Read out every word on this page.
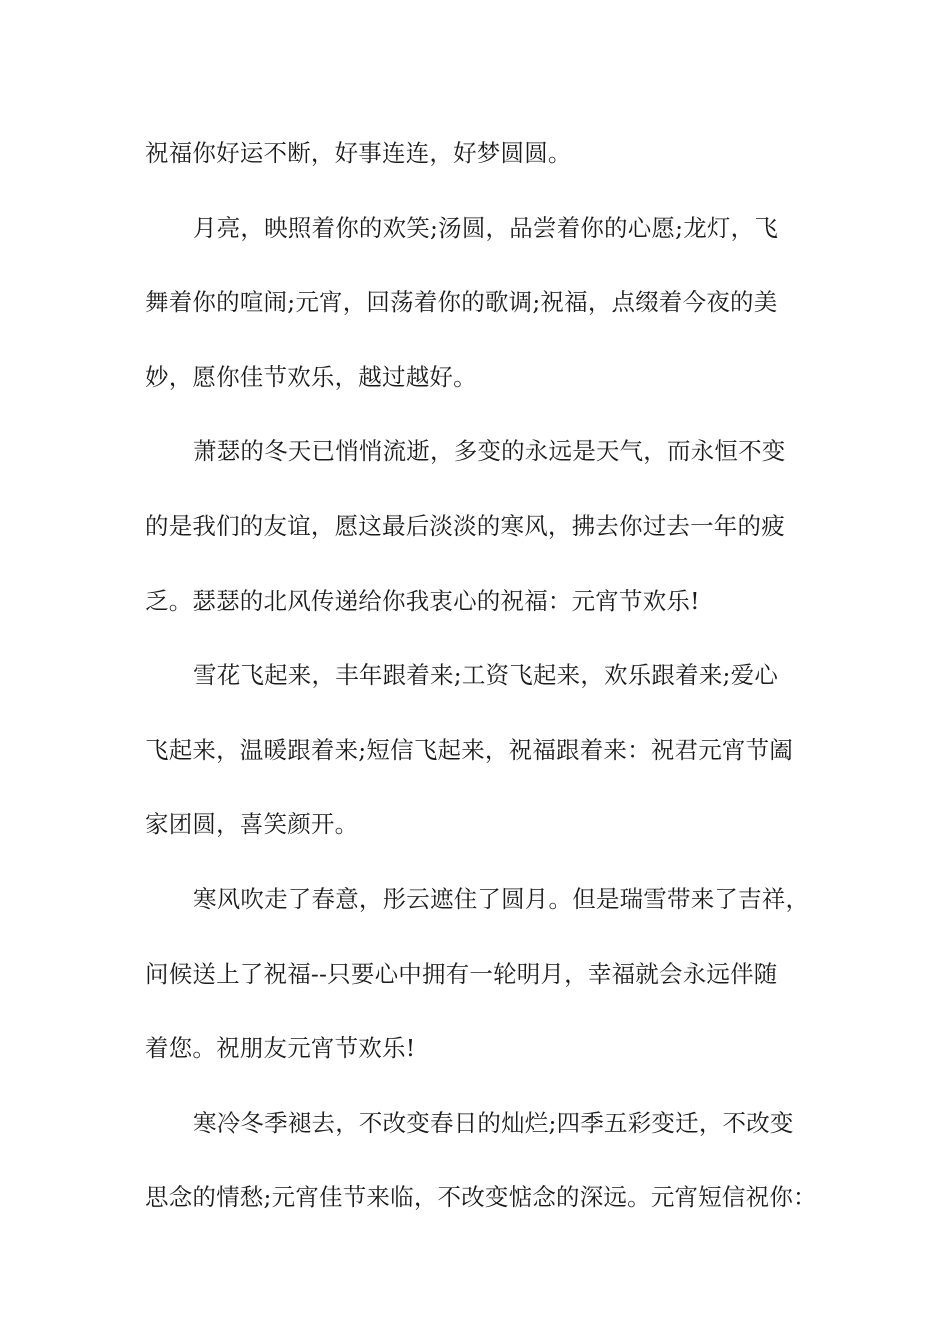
祝福你好运不断，好事连连，好梦圆圆。
月亮，映照着你的欢笑;汤圆，品尝着你的心愿;龙灯，飞
舞着你的喧闹;元宵，回荡着你的歌调;祝福，点缀着今夜的美
妙，愿你佳节欢乐，越过越好。
萧瑟的冬天已悄悄流逝，多变的永远是天气，而永恒不变
的是我们的友谊，愿这最后淡淡的寒风，拂去你过去一年的疲
乏。瑟瑟的北风传递给你我衷心的祝福：元宵节欢乐!
雪花飞起来，丰年跟着来;工资飞起来，欢乐跟着来;爱心
飞起来，温暖跟着来;短信飞起来，祝福跟着来：祝君元宵节阖
家团圆，喜笑颜开。
寒风吹走了春意，彤云遮住了圆月。但是瑞雪带来了吉祥，
问候送上了祝福--只要心中拥有一轮明月，幸福就会永远伴随
着您。祝朋友元宵节欢乐!
寒冷冬季褪去，不改变春日的灿烂;四季五彩变迁，不改变
思念的情愁;元宵佳节来临，不改变惦念的深远。元宵短信祝你：
